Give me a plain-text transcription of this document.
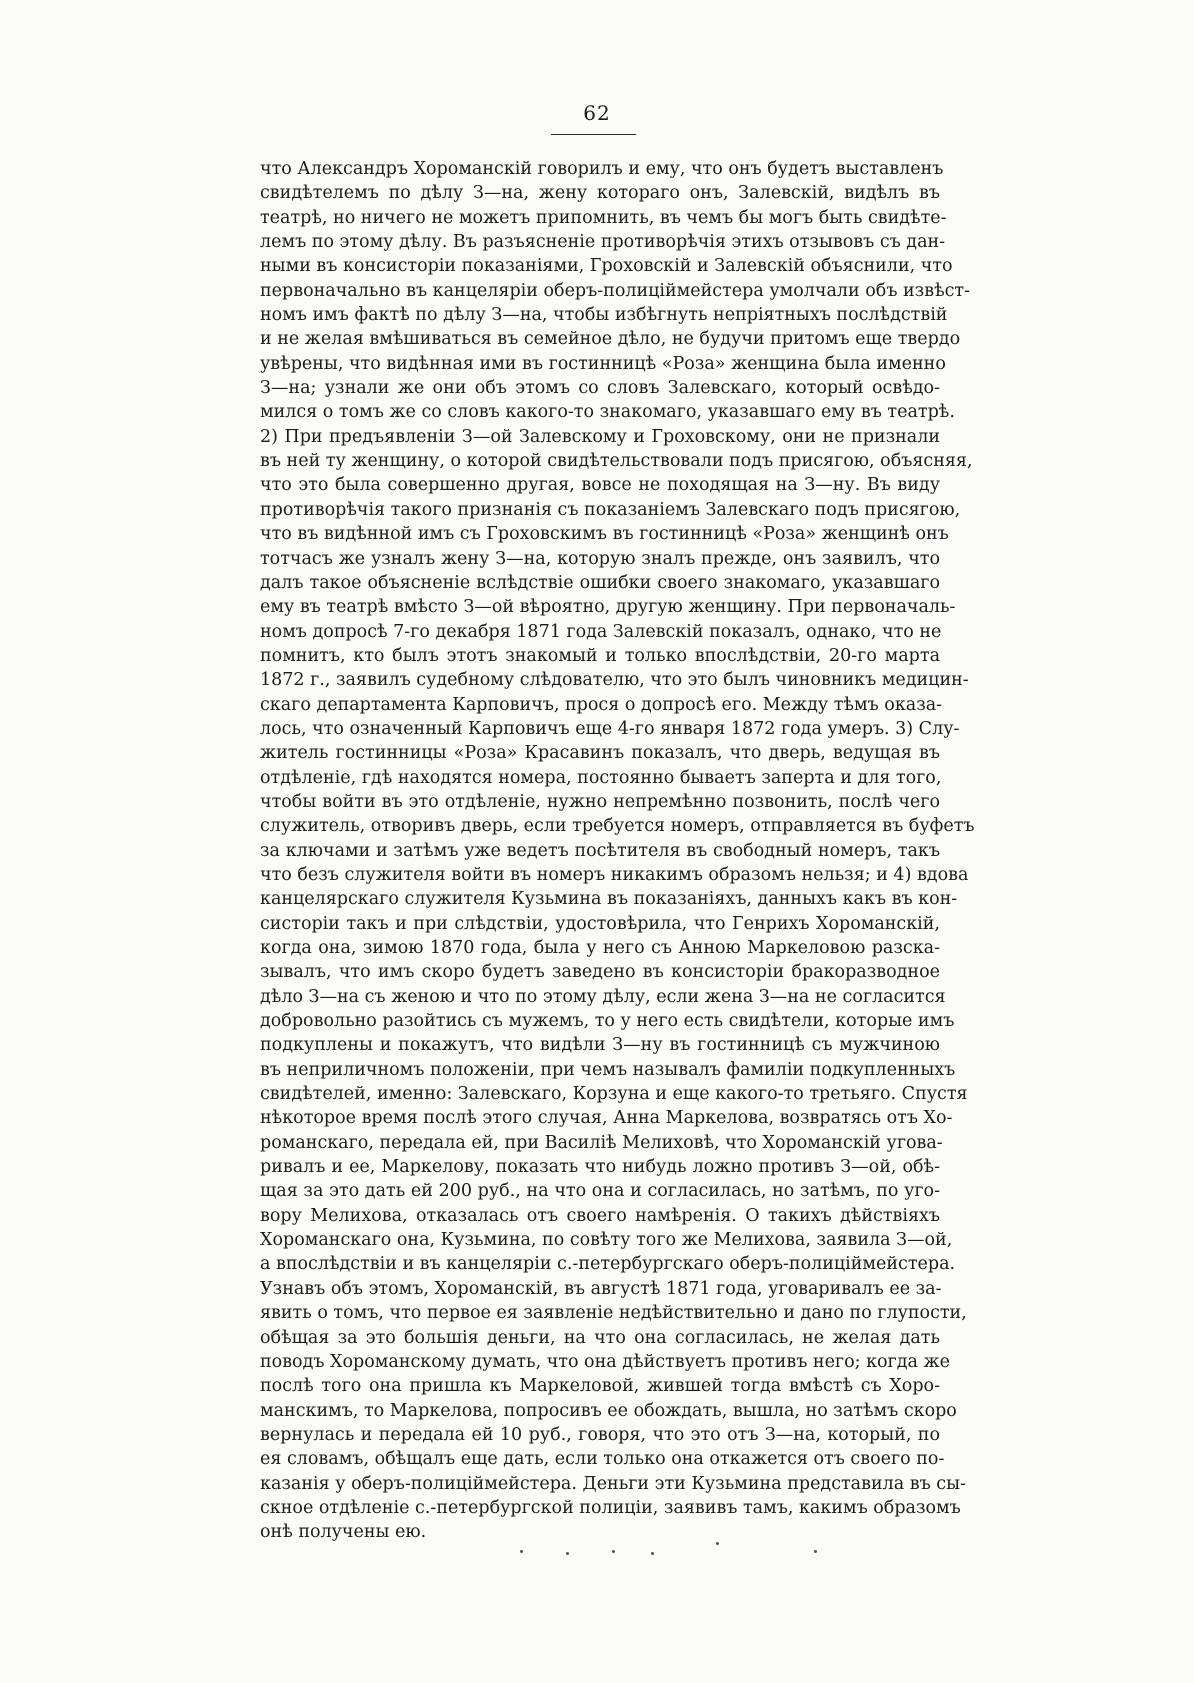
62
что Александръ Хороманскій говорилъ и ему, что онъ будетъ выставленъ
свидѣтелемъ по дѣлу З—на, жену котораго онъ, Залевскій, видѣлъ въ
театрѣ, но ничего не можетъ припомнить, въ чемъ бы могъ быть свидѣте-
лемъ по этому дѣлу. Въ разъясненіе противорѣчія этихъ отзывовъ съ дан-
ными въ консисторіи показаніями, Гроховскій и Залевскій объяснили, что
первоначально въ канцеляріи оберъ-полиціймейстера умолчали объ извѣст-
номъ имъ фактѣ по дѣлу З—на, чтобы избѣгнуть непріятныхъ послѣдствій
и не желая вмѣшиваться въ семейное дѣло, не будучи притомъ еще твердо
увѣрены, что видѣнная ими въ гостинницѣ «Роза» женщина была именно
З—на; узнали же они объ этомъ со словъ Залевскаго, который освѣдо-
мился о томъ же со словъ какого-то знакомаго, указавшаго ему въ театрѣ.
2) При предъявленіи З—ой Залевскому и Гроховскому, они не признали
въ ней ту женщину, о которой свидѣтельствовали подъ присягою, объясняя,
что это была совершенно другая, вовсе не походящая на З—ну. Въ виду
противорѣчія такого признанія съ показаніемъ Залевскаго подъ присягою,
что въ видѣнной имъ съ Гроховскимъ въ гостинницѣ «Роза» женщинѣ онъ
тотчасъ же узналъ жену З—на, которую зналъ прежде, онъ заявилъ, что
далъ такое объясненіе вслѣдствіе ошибки своего знакомаго, указавшаго
ему въ театрѣ вмѣсто З—ой вѣроятно, другую женщину. При первоначаль-
номъ допросѣ 7-го декабря 1871 года Залевскій показалъ, однако, что не
помнитъ, кто былъ этотъ знакомый и только впослѣдствіи, 20-го марта
1872 г., заявилъ судебному слѣдователю, что это былъ чиновникъ медицин-
скаго департамента Карповичъ, прося о допросѣ его. Между тѣмъ оказа-
лось, что означенный Карповичъ еще 4-го января 1872 года умеръ. 3) Слу-
житель гостинницы «Роза» Красавинъ показалъ, что дверь, ведущая въ
отдѣленіе, гдѣ находятся номера, постоянно бываетъ заперта и для того,
чтобы войти въ это отдѣленіе, нужно непремѣнно позвонить, послѣ чего
служитель, отворивъ дверь, если требуется номеръ, отправляется въ буфетъ
за ключами и затѣмъ уже ведетъ посѣтителя въ свободный номеръ, такъ
что безъ служителя войти въ номеръ никакимъ образомъ нельзя; и 4) вдова
канцелярскаго служителя Кузьмина въ показаніяхъ, данныхъ какъ въ кон-
систоріи такъ и при слѣдствіи, удостовѣрила, что Генрихъ Хороманскій,
когда она, зимою 1870 года, была у него съ Анною Маркеловою разска-
зывалъ, что имъ скоро будетъ заведено въ консисторіи бракоразводное
дѣло З—на съ женою и что по этому дѣлу, если жена З—на не согласится
добровольно разойтись съ мужемъ, то у него есть свидѣтели, которые имъ
подкуплены и покажутъ, что видѣли З—ну въ гостинницѣ съ мужчиною
въ неприличномъ положеніи, при чемъ называлъ фамиліи подкупленныхъ
свидѣтелей, именно: Залевскаго, Корзуна и еще какого-то третьяго. Спустя
нѣкоторое время послѣ этого случая, Анна Маркелова, возвратясь отъ Хо-
романскаго, передала ей, при Василіѣ Мелиховѣ, что Хороманскій угова-
ривалъ и ее, Маркелову, показать что нибудь ложно противъ З—ой, обѣ-
щая за это дать ей 200 руб., на что она и согласилась, но затѣмъ, по уго-
вору Мелихова, отказалась отъ своего намѣренія. О такихъ дѣйствіяхъ
Хороманскаго она, Кузьмина, по совѣту того же Мелихова, заявила З—ой,
а впослѣдствіи и въ канцеляріи с.-петербургскаго оберъ-полиціймейстера.
Узнавъ объ этомъ, Хороманскій, въ августѣ 1871 года, уговаривалъ ее за-
явить о томъ, что первое ея заявленіе недѣйствительно и дано по глупости,
обѣщая за это большія деньги, на что она согласилась, не желая дать
поводъ Хороманскому думать, что она дѣйствуетъ противъ него; когда же
послѣ того она пришла къ Маркеловой, жившей тогда вмѣстѣ съ Хоро-
манскимъ, то Маркелова, попросивъ ее обождать, вышла, но затѣмъ скоро
вернулась и передала ей 10 руб., говоря, что это отъ З—на, который, по
ея словамъ, обѣщалъ еще дать, если только она откажется отъ своего по-
казанія у оберъ-полиціймейстера. Деньги эти Кузьмина представила въ сы-
скное отдѣленіе с.-петербургской полиціи, заявивъ тамъ, какимъ образомъ
онѣ получены ею.
